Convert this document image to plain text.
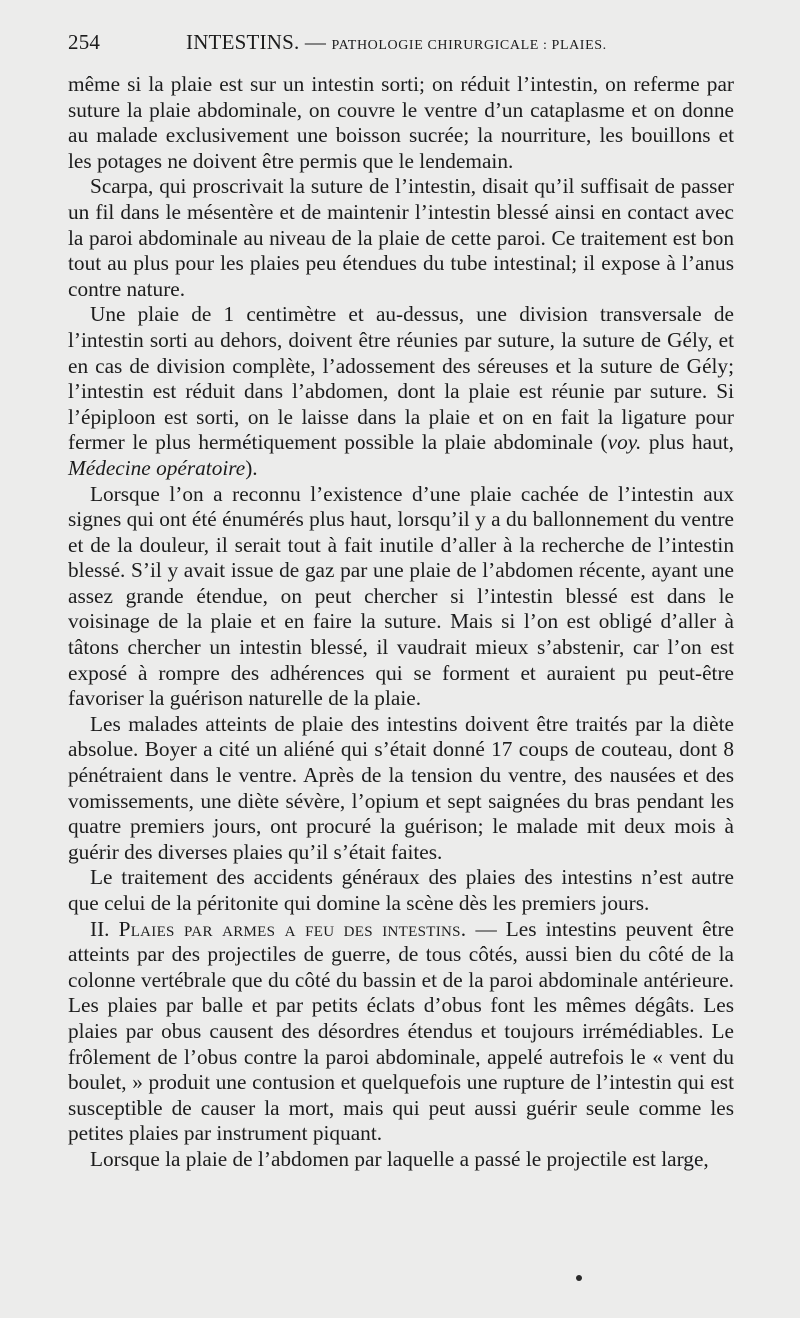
254	INTESTINS. — PATHOLOGIE CHIRURGICALE : PLAIES.

même si la plaie est sur un intestin sorti; on réduit l’intestin, on referme par suture la plaie abdominale, on couvre le ventre d’un cataplasme et on donne au malade exclusivement une boisson sucrée; la nourriture, les bouillons et les potages ne doivent être permis que le lendemain.

Scarpa, qui proscrivait la suture de l’intestin, disait qu’il suffisait de passer un fil dans le mésentère et de maintenir l’intestin blessé ainsi en contact avec la paroi abdominale au niveau de la plaie de cette paroi. Ce traitement est bon tout au plus pour les plaies peu étendues du tube intestinal; il expose à l’anus contre nature.

Une plaie de 1 centimètre et au-dessus, une division transversale de l’intestin sorti au dehors, doivent être réunies par suture, la suture de Gély, et en cas de division complète, l’adossement des séreuses et la suture de Gély; l’intestin est réduit dans l’abdomen, dont la plaie est réunie par suture. Si l’épiploon est sorti, on le laisse dans la plaie et on en fait la ligature pour fermer le plus hermétiquement possible la plaie abdominale (voy. plus haut, Médecine opératoire).

Lorsque l’on a reconnu l’existence d’une plaie cachée de l’intestin aux signes qui ont été énumérés plus haut, lorsqu’il y a du ballonnement du ventre et de la douleur, il serait tout à fait inutile d’aller à la recherche de l’intestin blessé. S’il y avait issue de gaz par une plaie de l’abdomen récente, ayant une assez grande étendue, on peut chercher si l’intestin blessé est dans le voisinage de la plaie et en faire la suture. Mais si l’on est obligé d’aller à tâtons chercher un intestin blessé, il vaudrait mieux s’abstenir, car l’on est exposé à rompre des adhérences qui se forment et auraient pu peut-être favoriser la guérison naturelle de la plaie.

Les malades atteints de plaie des intestins doivent être traités par la diète absolue. Boyer a cité un aliéné qui s’était donné 17 coups de couteau, dont 8 pénétraient dans le ventre. Après de la tension du ventre, des nausées et des vomissements, une diète sévère, l’opium et sept saignées du bras pendant les quatre premiers jours, ont procuré la guérison; le malade mit deux mois à guérir des diverses plaies qu’il s’était faites.

Le traitement des accidents généraux des plaies des intestins n’est autre que celui de la péritonite qui domine la scène dès les premiers jours.

II. Plaies par armes a feu des intestins. — Les intestins peuvent être atteints par des projectiles de guerre, de tous côtés, aussi bien du côté de la colonne vertébrale que du côté du bassin et de la paroi abdominale antérieure. Les plaies par balle et par petits éclats d’obus font les mêmes dégâts. Les plaies par obus causent des désordres étendus et toujours irrémédiables. Le frôlement de l’obus contre la paroi abdominale, appelé autrefois le « vent du boulet, » produit une contusion et quelquefois une rupture de l’intestin qui est susceptible de causer la mort, mais qui peut aussi guérir seule comme les petites plaies par instrument piquant.

Lorsque la plaie de l’abdomen par laquelle a passé le projectile est large,
